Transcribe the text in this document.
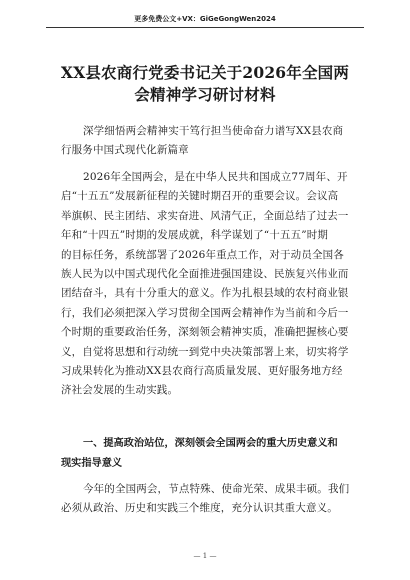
更多免费公文+VX：GiGeGongWen2024
XX县农商行党委书记关于2026年全国两
会精神学习研讨材料
深学细悟两会精神实干笃行担当使命奋力谱写XX县农商
行服务中国式现代化新篇章
2026年全国两会，是在中华人民共和国成立77周年、开
启“十五五”发展新征程的关键时期召开的重要会议。会议高
举旗帜、民主团结、求实奋进、风清气正，全面总结了过去一
年和“十四五”时期的发展成就，科学谋划了“十五五”时期
的目标任务，系统部署了2026年重点工作，对于动员全国各
族人民为以中国式现代化全面推进强国建设、民族复兴伟业而
团结奋斗，具有十分重大的意义。作为扎根县域的农村商业银
行，我们必须把深入学习贯彻全国两会精神作为当前和今后一
个时期的重要政治任务，深刻领会精神实质，准确把握核心要
义，自觉将思想和行动统一到党中央决策部署上来，切实将学
习成果转化为推动XX县农商行高质量发展、更好服务地方经
济社会发展的生动实践。
一、提高政治站位，深刻领会全国两会的重大历史意义和
现实指导意义
今年的全国两会，节点特殊、使命光荣、成果丰硕。我们
必须从政治、历史和实践三个维度，充分认识其重大意义。
— 1 —
